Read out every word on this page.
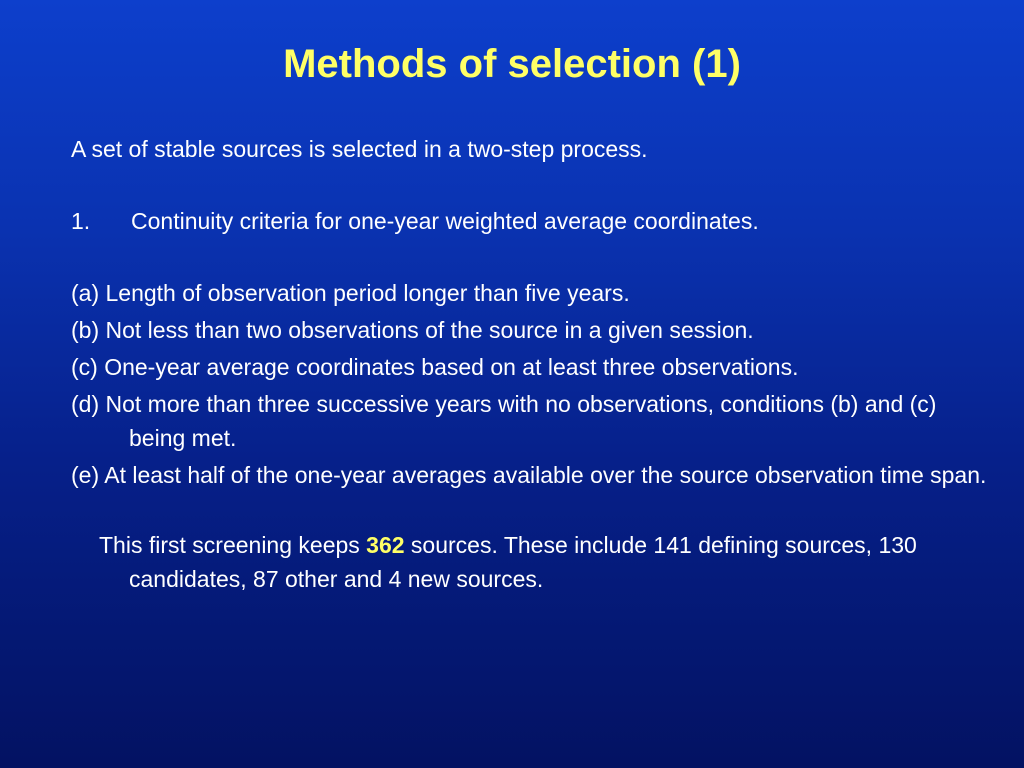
Methods of selection (1)

A set of stable sources is selected in a two-step process.

1.	Continuity criteria for one-year weighted average coordinates.

(a) Length of observation period longer than five years.

(b) Not less than two observations of the source in a given session.

(c) One-year average coordinates based on at least three observations.

(d) Not more than three successive years with no observations, conditions (b) and (c) being met.

(e) At least half of the one-year averages available over the source observation time span.

This first screening keeps 362 sources. These include 141 defining sources, 130 candidates, 87 other and 4 new sources.
